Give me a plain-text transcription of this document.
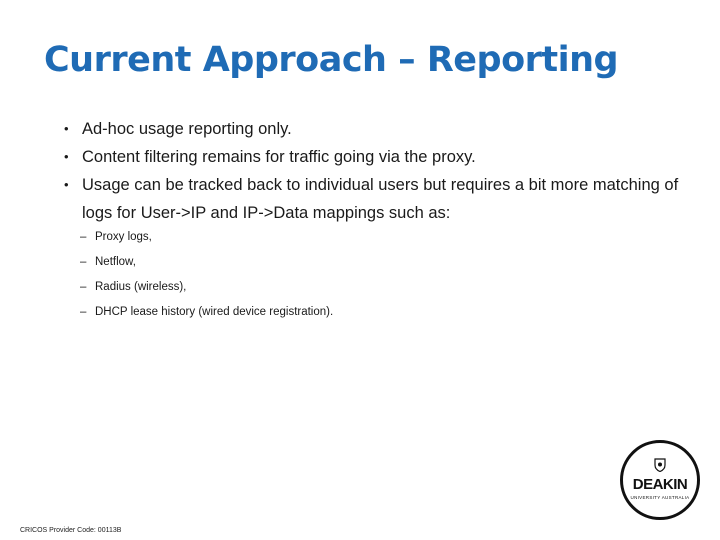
Current Approach – Reporting
• Ad-hoc usage reporting only.
• Content filtering remains for traffic going via the proxy.
• Usage can be tracked back to individual users but requires a bit more matching of logs for User->IP and IP->Data mappings such as:
– Proxy logs,
– Netflow,
– Radius (wireless),
– DHCP lease history (wired device registration).
DEAKIN
UNIVERSITY AUSTRALIA
CRICOS Provider Code: 00113B
